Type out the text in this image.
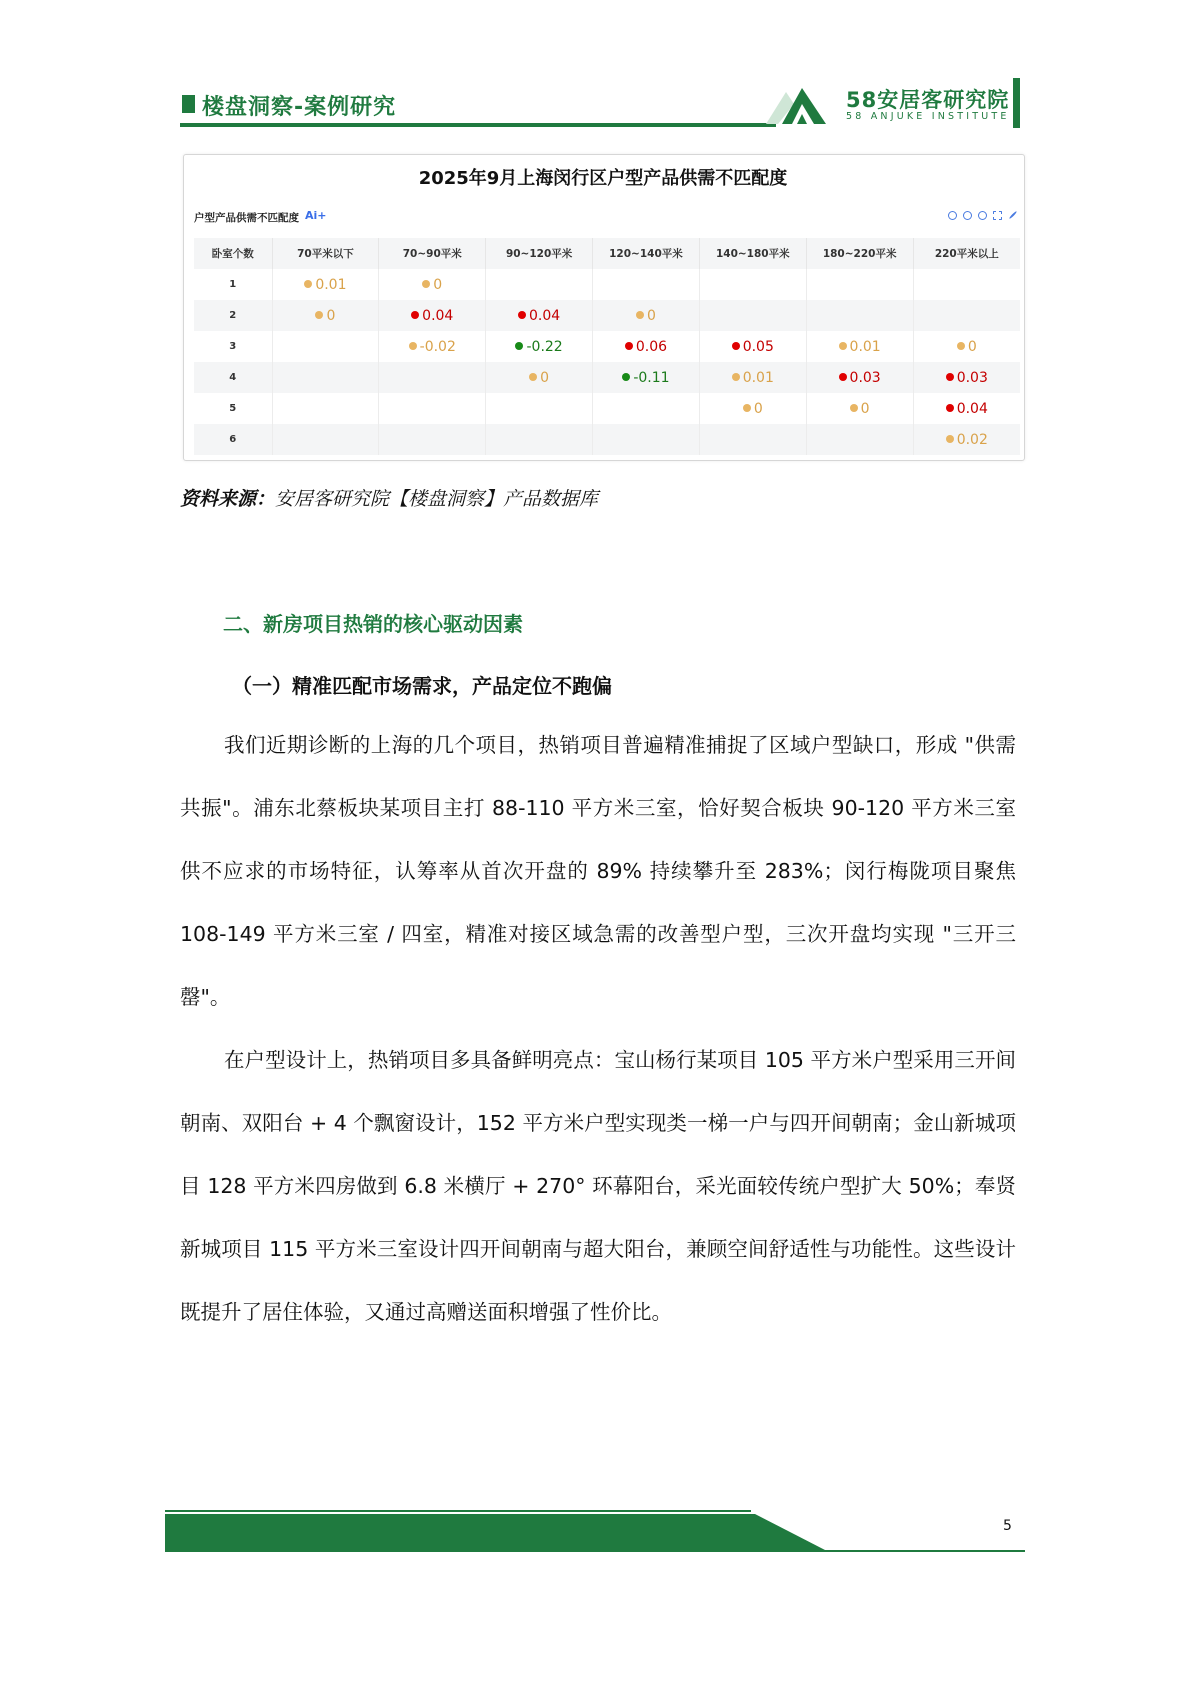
楼盘洞察-案例研究	58安居客研究院
58 ANJUKE INSTITUTE
2025年9月上海闵行区户型产品供需不匹配度
户型产品供需不匹配度 Ai+
卧室个数	70平米以下	70~90平米	90~120平米	120~140平米	140~180平米	180~220平米	220平米以上
1	0.01	0					
2	0	0.04	0.04	0			
3		-0.02	-0.22	0.06	0.05	0.01	0
4			0	-0.11	0.01	0.03	0.03
5					0	0	0.04
6							0.02
资料来源：安居客研究院【楼盘洞察】产品数据库
二、新房项目热销的核心驱动因素
（一）精准匹配市场需求，产品定位不跑偏
我们近期诊断的上海的几个项目，热销项目普遍精准捕捉了区域户型缺口，形成 "供需共振"。浦东北蔡板块某项目主打 88-110 平方米三室，恰好契合板块 90-120 平方米三室供不应求的市场特征，认筹率从首次开盘的 89% 持续攀升至 283%；闵行梅陇项目聚焦 108-149 平方米三室 / 四室，精准对接区域急需的改善型户型，三次开盘均实现 "三开三罄"。
在户型设计上，热销项目多具备鲜明亮点：宝山杨行某项目 105 平方米户型采用三开间朝南、双阳台 + 4 个飘窗设计，152 平方米户型实现类一梯一户与四开间朝南；金山新城项目 128 平方米四房做到 6.8 米横厅 + 270° 环幕阳台，采光面较传统户型扩大 50%；奉贤新城项目 115 平方米三室设计四开间朝南与超大阳台，兼顾空间舒适性与功能性。这些设计既提升了居住体验，又通过高赠送面积增强了性价比。
5
